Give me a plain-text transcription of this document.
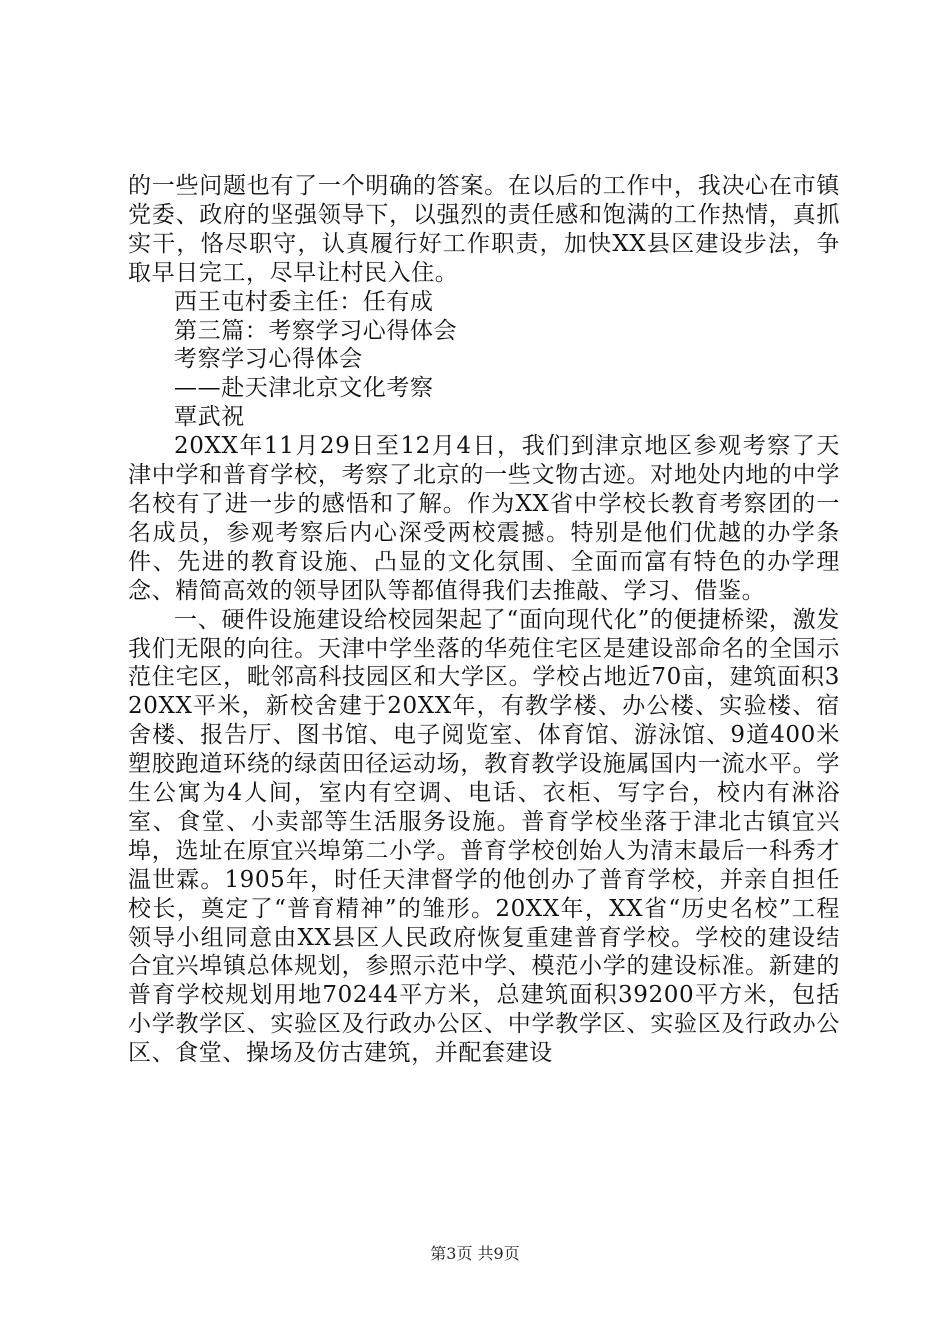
的一些问题也有了一个明确的答案。在以后的工作中，我决心在市镇党委、政府的坚强领导下，以强烈的责任感和饱满的工作热情，真抓实干，恪尽职守，认真履行好工作职责，加快XX县区建设步法，争取早日完工，尽早让村民入住。

西王屯村委主任：任有成

第三篇：考察学习心得体会

考察学习心得体会

——赴天津北京文化考察

覃武祝

20XX年11月29日至12月4日，我们到津京地区参观考察了天津中学和普育学校，考察了北京的一些文物古迹。对地处内地的中学名校有了进一步的感悟和了解。作为XX省中学校长教育考察团的一名成员，参观考察后内心深受两校震撼。特别是他们优越的办学条件、先进的教育设施、凸显的文化氛围、全面而富有特色的办学理念、精简高效的领导团队等都值得我们去推敲、学习、借鉴。

一、硬件设施建设给校园架起了“面向现代化”的便捷桥梁，激发我们无限的向往。天津中学坐落的华苑住宅区是建设部命名的全国示范住宅区，毗邻高科技园区和大学区。学校占地近70亩，建筑面积320XX平米，新校舍建于20XX年，有教学楼、办公楼、实验楼、宿舍楼、报告厅、图书馆、电子阅览室、体育馆、游泳馆、9道400米塑胶跑道环绕的绿茵田径运动场，教育教学设施属国内一流水平。学生公寓为4人间，室内有空调、电话、衣柜、写字台，校内有淋浴室、食堂、小卖部等生活服务设施。普育学校坐落于津北古镇宜兴埠，选址在原宜兴埠第二小学。普育学校创始人为清末最后一科秀才温世霖。1905年，时任天津督学的他创办了普育学校，并亲自担任校长，奠定了“普育精神”的雏形。20XX年，XX省“历史名校”工程领导小组同意由XX县区人民政府恢复重建普育学校。学校的建设结合宜兴埠镇总体规划，参照示范中学、模范小学的建设标准。新建的普育学校规划用地70244平方米，总建筑面积39200平方米，包括小学教学区、实验区及行政办公区、中学教学区、实验区及行政办公区、食堂、操场及仿古建筑，并配套建设

第3页 共9页
